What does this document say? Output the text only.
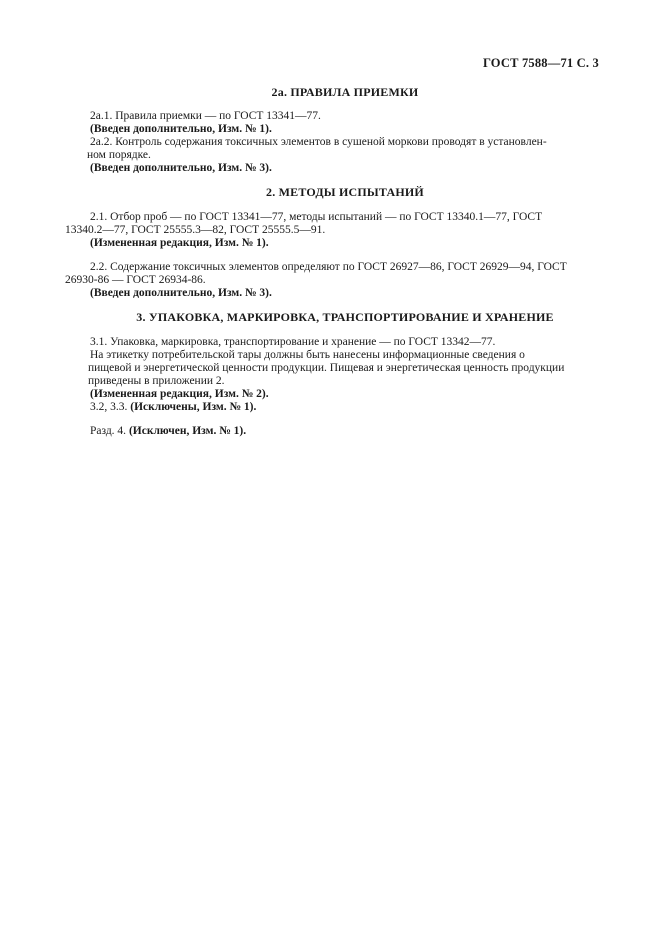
ГОСТ 7588—71 С. 3
2а. ПРАВИЛА ПРИЕМКИ

2а.1. Правила приемки — по ГОСТ 13341—77.

(Введен дополнительно, Изм. № 1).

2а.2. Контроль содержания токсичных элементов в сушеной моркови проводят в установлен-

ном порядке.

(Введен дополнительно, Изм. № 3).

2. МЕТОДЫ ИСПЫТАНИЙ

2.1. Отбор проб — по ГОСТ 13341—77, методы испытаний — по ГОСТ 13340.1—77, ГОСТ

13340.2—77, ГОСТ 25555.3—82, ГОСТ 25555.5—91.

(Измененная редакция, Изм. № 1).

2.2. Содержание токсичных элементов определяют по ГОСТ 26927—86, ГОСТ 26929—94, ГОСТ

26930-86 — ГОСТ 26934-86.

(Введен дополнительно, Изм. № 3).

3. УПАКОВКА, МАРКИРОВКА, ТРАНСПОРТИРОВАНИЕ И ХРАНЕНИЕ

3.1. Упаковка, маркировка, транспортирование и хранение — по ГОСТ 13342—77.

На этикетку потребительской тары должны быть нанесены информационные сведения о

пищевой и энергетической ценности продукции. Пищевая и энергетическая ценность продукции

приведены в приложении 2.

(Измененная редакция, Изм. № 2).

3.2, 3.3. (Исключены, Изм. № 1).

Разд. 4. (Исключен, Изм. № 1).
